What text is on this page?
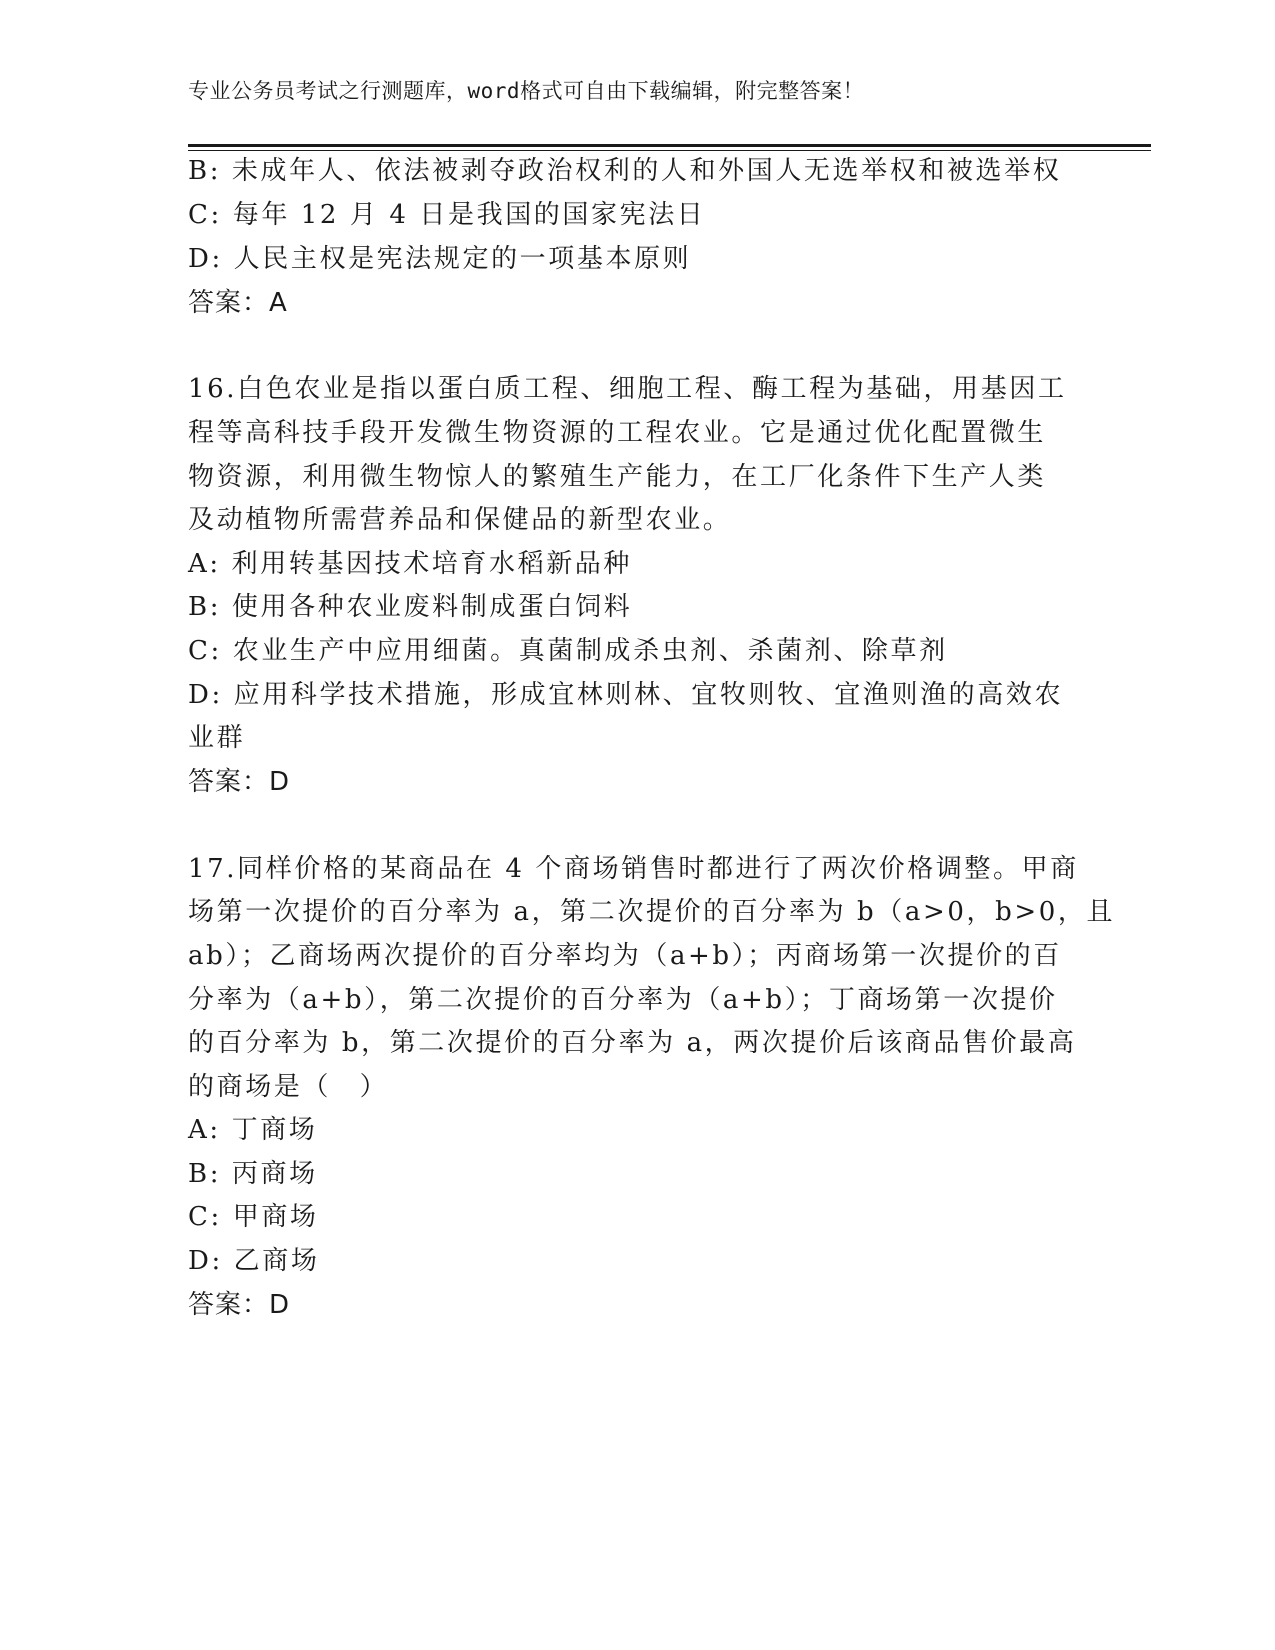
专业公务员考试之行测题库，word格式可自由下载编辑，附完整答案！
B: 未成年人、依法被剥夺政治权利的人和外国人无选举权和被选举权
C: 每年 12 月 4 日是我国的国家宪法日
D: 人民主权是宪法规定的一项基本原则
答案：A
16.白色农业是指以蛋白质工程、细胞工程、酶工程为基础，用基因工
程等高科技手段开发微生物资源的工程农业。它是通过优化配置微生
物资源，利用微生物惊人的繁殖生产能力，在工厂化条件下生产人类
及动植物所需营养品和保健品的新型农业。
A: 利用转基因技术培育水稻新品种
B: 使用各种农业废料制成蛋白饲料
C: 农业生产中应用细菌。真菌制成杀虫剂、杀菌剂、除草剂
D: 应用科学技术措施，形成宜林则林、宜牧则牧、宜渔则渔的高效农
业群
答案：D
17.同样价格的某商品在 4 个商场销售时都进行了两次价格调整。甲商
场第一次提价的百分率为 a，第二次提价的百分率为 b（a>0，b>0，且
ab）；乙商场两次提价的百分率均为（a+b）；丙商场第一次提价的百
分率为（a+b），第二次提价的百分率为（a+b）；丁商场第一次提价
的百分率为 b，第二次提价的百分率为 a，两次提价后该商品售价最高
的商场是（　）
A: 丁商场
B: 丙商场
C: 甲商场
D: 乙商场
答案：D
